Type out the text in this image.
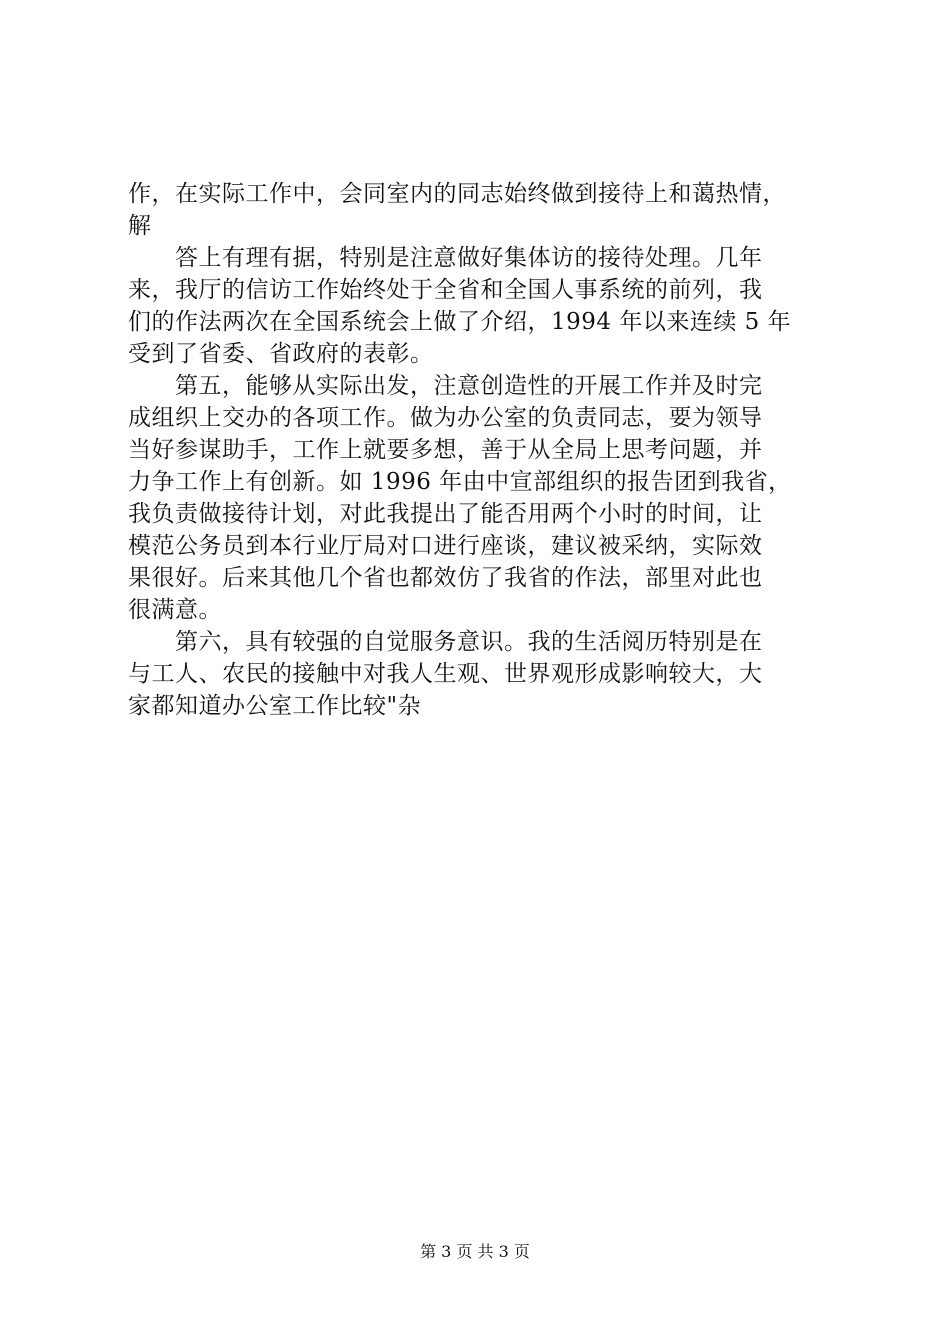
作，在实际工作中，会同室内的同志始终做到接待上和蔼热情，
解
　　答上有理有据，特别是注意做好集体访的接待处理。几年
来，我厅的信访工作始终处于全省和全国人事系统的前列，我
们的作法两次在全国系统会上做了介绍，1994 年以来连续 5 年
受到了省委、省政府的表彰。
　　第五，能够从实际出发，注意创造性的开展工作并及时完
成组织上交办的各项工作。做为办公室的负责同志，要为领导
当好参谋助手，工作上就要多想，善于从全局上思考问题，并
力争工作上有创新。如 1996 年由中宣部组织的报告团到我省，
我负责做接待计划，对此我提出了能否用两个小时的时间，让
模范公务员到本行业厅局对口进行座谈，建议被采纳，实际效
果很好。后来其他几个省也都效仿了我省的作法，部里对此也
很满意。
　　第六，具有较强的自觉服务意识。我的生活阅历特别是在
与工人、农民的接触中对我人生观、世界观形成影响较大，大
家都知道办公室工作比较"杂
第 3 页 共 3 页
